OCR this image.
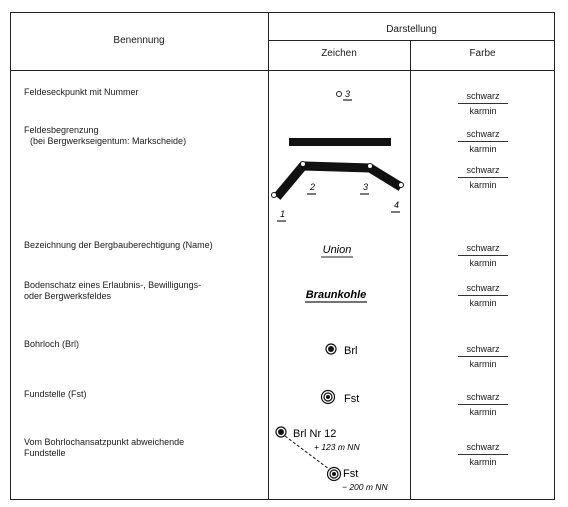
Benennung
Darstellung
Zeichen	Farbe
Feldeseckpunkt mit Nummer
Feldesbegrenzung
(bei Bergwerkseigentum: Markscheide)
Bezeichnung der Bergbauberechtigung (Name)
Bodenschatz eines Erlaubnis-, Bewilligungs-
oder Bergwerksfeldes
Bohrloch (Brl)
Fundstelle (Fst)
Vom Bohrlochansatzpunkt abweichende
Fundstelle
schwarz
karmin
schwarz
karmin
schwarz
karmin
schwarz
karmin
schwarz
karmin
schwarz
karmin
schwarz
karmin
schwarz
karmin
3
1
2	3
4
Union
Braunkohle
Brl
Fst
Brl Nr 12
+ 123 m NN
Fst
− 200 m NN
